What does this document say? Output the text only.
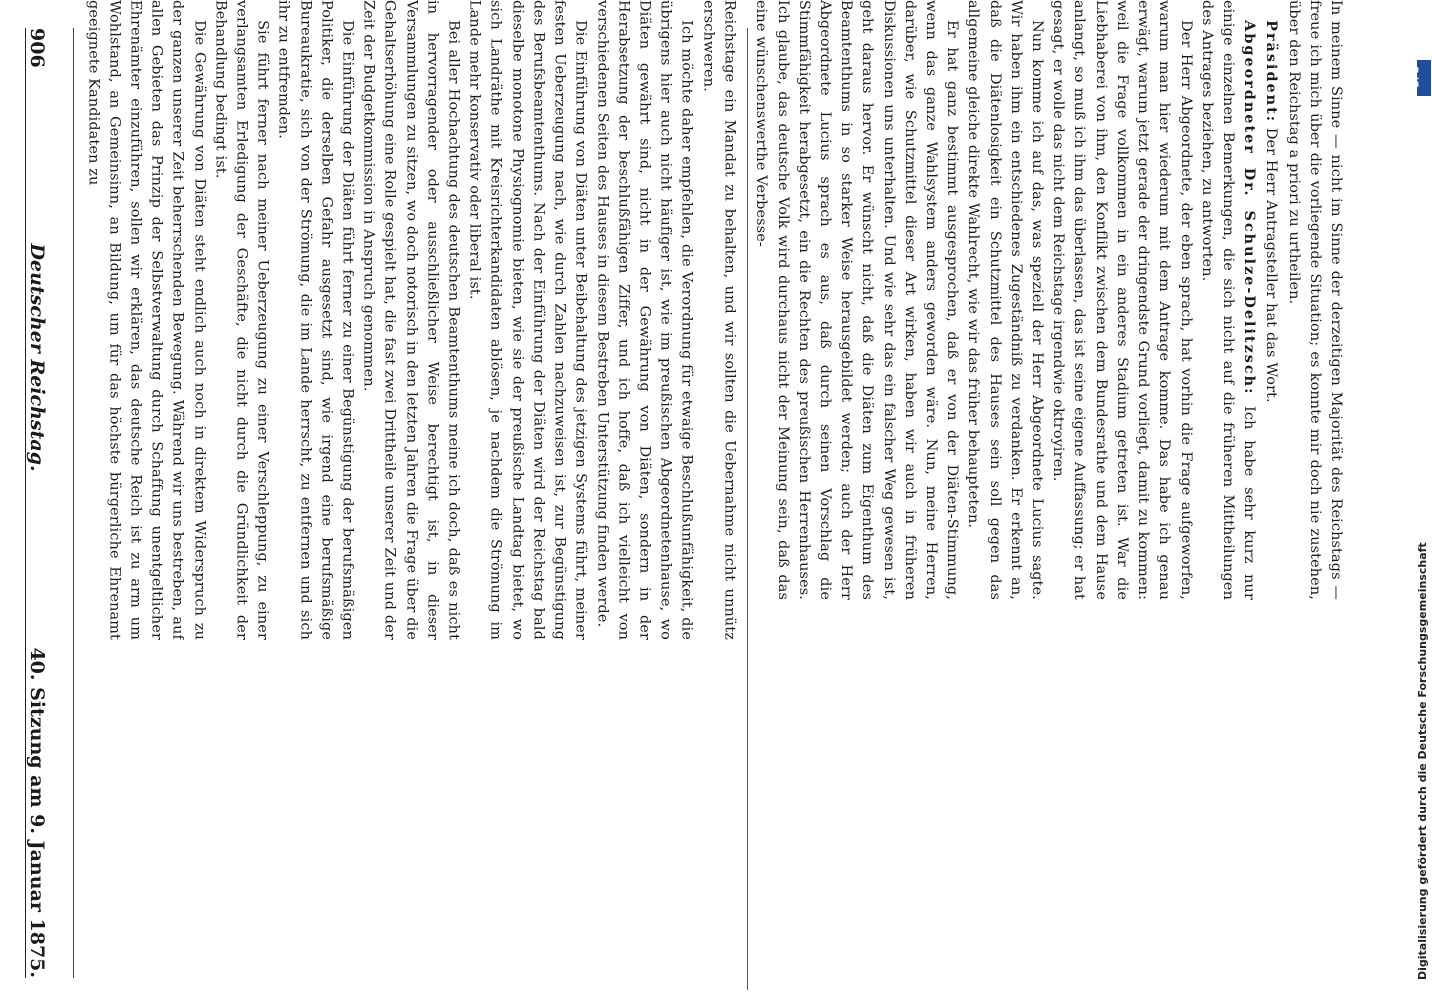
906
Deutscher Reichstag.
40. Sitzung am 9. Januar 1875.

Reichstage ein Mandat zu behalten, und wir sollten die Uebernahme nicht unnütz erschweren.

Ich möchte daher empfehlen, die Verordnung für etwaige Beschlußunfähigkeit, die übrigens hier auch nicht häufiger ist, wie im preußischen Abgeordnetenhause, wo Diäten gewährt sind, nicht in der Gewährung von Diäten, sondern in der Herabsetzung der beschlußfähigen Ziffer, und ich hoffe, daß ich vielleicht von verschiedenen Seiten des Hauses in diesem Bestreben Unterstützung finden werde.

Die Einführung von Diäten unter Beibehaltung des jetzigen Systems führt, meiner festen Ueberzeugung nach, wie durch Zahlen nachzuweisen ist, zur Begünstigung des Berufsbeamtenthums. Nach der Einführung der Diäten wird der Reichstag bald dieselbe monotone Physiognomie bieten, wie sie der preußische Landtag bietet, wo sich Landräthe mit Kreisrichterkandidaten ablösen, je nachdem die Strömung im Lande mehr konservativ oder liberal ist.

Bei aller Hochachtung des deutschen Beamtenthums meine ich doch, daß es nicht in hervorragender oder ausschließlicher Weise berechtigt ist, in dieser Versammlungen zu sitzen, wo doch notorisch in den letzten Jahren die Frage über die Gehaltserhöhung eine Rolle gespielt hat, die fast zwei Drittheile unserer Zeit und der Zeit der Budgetkommission in Anspruch genommen.

Die Einführung der Diäten führt ferner zu einer Begünstigung der berufsmäßigen Politiker, die derselben Gefahr ausgesetzt sind, wie irgend eine berufsmäßige Bureaukratie, sich von der Strömung, die im Lande herrscht, zu entfernen und sich ihr zu entfremden.

Sie führt ferner nach meiner Ueberzeugung zu einer Verschleppung, zu einer verlangsamten Erledigung der Geschäfte, die nicht durch die Gründlichkeit der Behandlung bedingt ist.

Die Gewährung von Diäten steht endlich auch noch in direktem Widerspruch zu der ganzen unserer Zeit beherrschenden Bewegung. Während wir uns bestreben, auf allen Gebieten das Prinzip der Selbstverwaltung durch Schaffung unentgeltlicher Ehrenämter einzuführen, sollen wir erklären, das deutsche Reich ist zu arm um Wohlstand, an Gemeinsinn, an Bildung, um für das höchste bürgerliche Ehrenamt geeignete Kandidaten zu	In meinem Sinne — nicht im Sinne der derzeitigen Majorität des Reichstags — freue ich mich über die vorliegende Situation; es konnte mir doch nie zustehen, über den Reichstag a priori zu urtheilen.

Präsident: Der Herr Antragsteller hat das Wort.

Abgeordneter Dr. Schulze-Delitzsch: Ich habe sehr kurz nur einige einzelnen Bemerkungen, die sich nicht auf die früheren Mittheilungen des Antrages beziehen, zu antworten.

Der Herr Abgeordnete, der eben sprach, hat vorhin die Frage aufgeworfen, warum man hier wiederum mit dem Antrage komme. Das habe ich genau erwägt, warum jetzt gerade der dringendste Grund vorliegt, damit zu kommen: weil die Frage vollkommen in ein anderes Stadium getreten ist. War die Liebhaberei von ihm, den Konflikt zwischen dem Bundesrathe und dem Hause anlangt, so muß ich ihm das überlassen, das ist seine eigene Auffassung; er hat gesagt, er wolle das nicht dem Reichstage irgendwie oktroyiren.

Nun komme ich auf das, was speziell der Herr Abgeordnete Lucius sagte. Wir haben ihm ein entschiedenes Zugeständniß zu verdanken. Er erkennt an, daß die Diätenlosigkeit ein Schutzmittel des Hauses sein soll gegen das allgemeine gleiche direkte Wahlrecht, wie wir das früher behaupteten.

Er hat ganz bestimmt ausgesprochen, daß er von der Diäten-Stimmung, wenn das ganze Wahlsystem anders geworden wäre. Nun, meine Herren, darüber, wie Schutzmittel dieser Art wirken, haben wir auch in früheren Diskussionen uns unterhalten. Und wie sehr das ein falscher Weg gewesen ist, geht daraus hervor. Er wünscht nicht, daß die Diäten zum Eigenthum des Beamtenthums in so starker Weise herausgebildet werden; auch der Herr Abgeordnete Lucius sprach es aus, daß durch seinen Vorschlag die Stimmfähigkeit herabgesetzt, ein die Rechten des preußischen Herrenhauses. Ich glaube, das deutsche Volk wird durchaus nicht der Meinung sein, daß das eine wünschenswerthe Verbesse-

Digitalisierung gefördert durch die Deutsche Forschungsgemeinschaft
DFG
